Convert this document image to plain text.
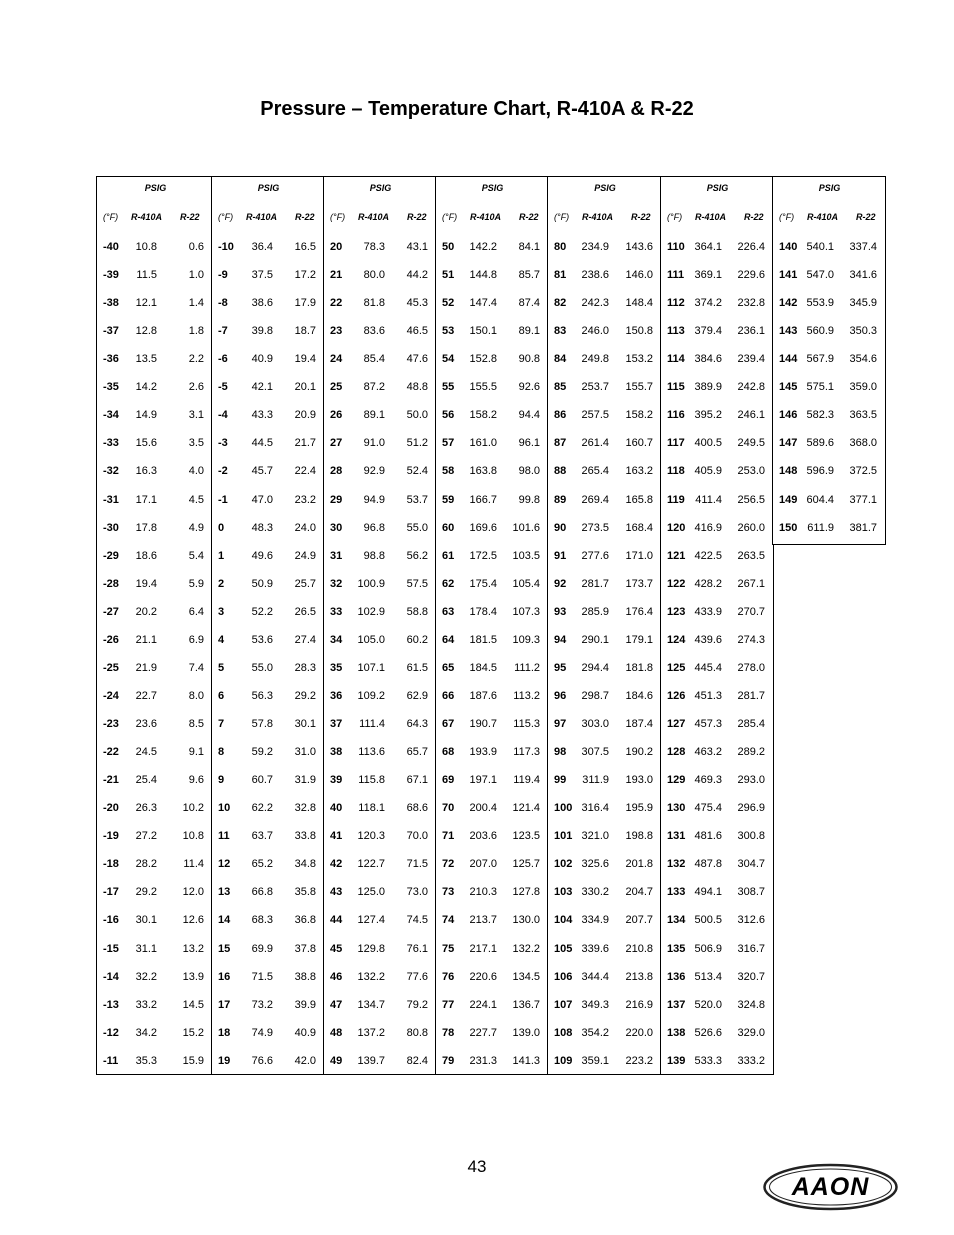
Pressure – Temperature Chart, R-410A & R-22
PSIG
(°F) R-410A R-22
-40 10.8	0.6
-39 11.5	1.0
-38 12.1	1.4
-37 12.8	1.8
-36 13.5	2.2
-35 14.2	2.6
-34 14.9	3.1
-33 15.6	3.5
-32 16.3	4.0
-31 17.1	4.5
-30 17.8	4.9
-29 18.6	5.4
-28 19.4	5.9
-27 20.2	6.4
-26 21.1	6.9
-25 21.9	7.4
-24 22.7	8.0
-23 23.6	8.5
-22 24.5	9.1
-21 25.4	9.6
-20 26.3 10.2
-19 27.2 10.8
-18 28.2 11.4
-17 29.2 12.0
-16 30.1 12.6
-15 31.1 13.2
-14 32.2 13.9
-13 33.2 14.5
-12 34.2 15.2
-11 35.3 15.9
PSIG
(°F) R-410A R-22
-10 36.4 16.5
-9 37.5 17.2
-8 38.6 17.9
-7 39.8 18.7
-6 40.9 19.4
-5 42.1 20.1
-4 43.3 20.9
-3 44.5 21.7
-2 45.7 22.4
-1 47.0 23.2
0 48.3 24.0
1 49.6 24.9
2 50.9 25.7
3 52.2 26.5
4 53.6 27.4
5 55.0 28.3
6 56.3 29.2
7 57.8 30.1
8 59.2 31.0
9 60.7 31.9
10 62.2 32.8
11 63.7 33.8
12 65.2 34.8
13 66.8 35.8
14 68.3 36.8
15 69.9 37.8
16 71.5 38.8
17 73.2 39.9
18 74.9 40.9
19 76.6 42.0
PSIG
(°F) R-410A R-22
20 78.3 43.1
21 80.0 44.2
22 81.8 45.3
23 83.6 46.5
24 85.4 47.6
25 87.2 48.8
26 89.1 50.0
27 91.0 51.2
28 92.9 52.4
29 94.9 53.7
30 96.8 55.0
31 98.8 56.2
32 100.9 57.5
33 102.9 58.8
34 105.0 60.2
35 107.1 61.5
36 109.2 62.9
37 111.4 64.3
38 113.6 65.7
39 115.8 67.1
40 118.1 68.6
41 120.3 70.0
42 122.7 71.5
43 125.0 73.0
44 127.4 74.5
45 129.8 76.1
46 132.2 77.6
47 134.7 79.2
48 137.2 80.8
49 139.7 82.4
PSIG
(°F) R-410A R-22
50 142.2 84.1
51 144.8 85.7
52 147.4 87.4
53 150.1 89.1
54 152.8 90.8
55 155.5 92.6
56 158.2 94.4
57 161.0 96.1
58 163.8 98.0
59 166.7 99.8
60 169.6 101.6
61 172.5 103.5
62 175.4 105.4
63 178.4 107.3
64 181.5 109.3
65 184.5 111.2
66 187.6 113.2
67 190.7 115.3
68 193.9 117.3
69 197.1 119.4
70 200.4 121.4
71 203.6 123.5
72 207.0 125.7
73 210.3 127.8
74 213.7 130.0
75 217.1 132.2
76 220.6 134.5
77 224.1 136.7
78 227.7 139.0
79 231.3 141.3
PSIG
(°F) R-410A R-22
80 234.9 143.6
81 238.6 146.0
82 242.3 148.4
83 246.0 150.8
84 249.8 153.2
85 253.7 155.7
86 257.5 158.2
87 261.4 160.7
88 265.4 163.2
89 269.4 165.8
90 273.5 168.4
91 277.6 171.0
92 281.7 173.7
93 285.9 176.4
94 290.1 179.1
95 294.4 181.8
96 298.7 184.6
97 303.0 187.4
98 307.5 190.2
99 311.9 193.0
100 316.4 195.9
101 321.0 198.8
102 325.6 201.8
103 330.2 204.7
104 334.9 207.7
105 339.6 210.8
106 344.4 213.8
107 349.3 216.9
108 354.2 220.0
109 359.1 223.2
PSIG
(°F) R-410A R-22
110 364.1 226.4
111 369.1 229.6
112 374.2 232.8
113 379.4 236.1
114 384.6 239.4
115 389.9 242.8
116 395.2 246.1
117 400.5 249.5
118 405.9 253.0
119 411.4 256.5
120 416.9 260.0
121 422.5 263.5
122 428.2 267.1
123 433.9 270.7
124 439.6 274.3
125 445.4 278.0
126 451.3 281.7
127 457.3 285.4
128 463.2 289.2
129 469.3 293.0
130 475.4 296.9
131 481.6 300.8
132 487.8 304.7
133 494.1 308.7
134 500.5 312.6
135 506.9 316.7
136 513.4 320.7
137 520.0 324.8
138 526.6 329.0
139 533.3 333.2
PSIG
(°F) R-410A R-22
140 540.1 337.4
141 547.0 341.6
142 553.9 345.9
143 560.9 350.3
144 567.9 354.6
145 575.1 359.0
146 582.3 363.5
147 589.6 368.0
148 596.9 372.5
149 604.4 377.1
150 611.9 381.7
43
AAON
